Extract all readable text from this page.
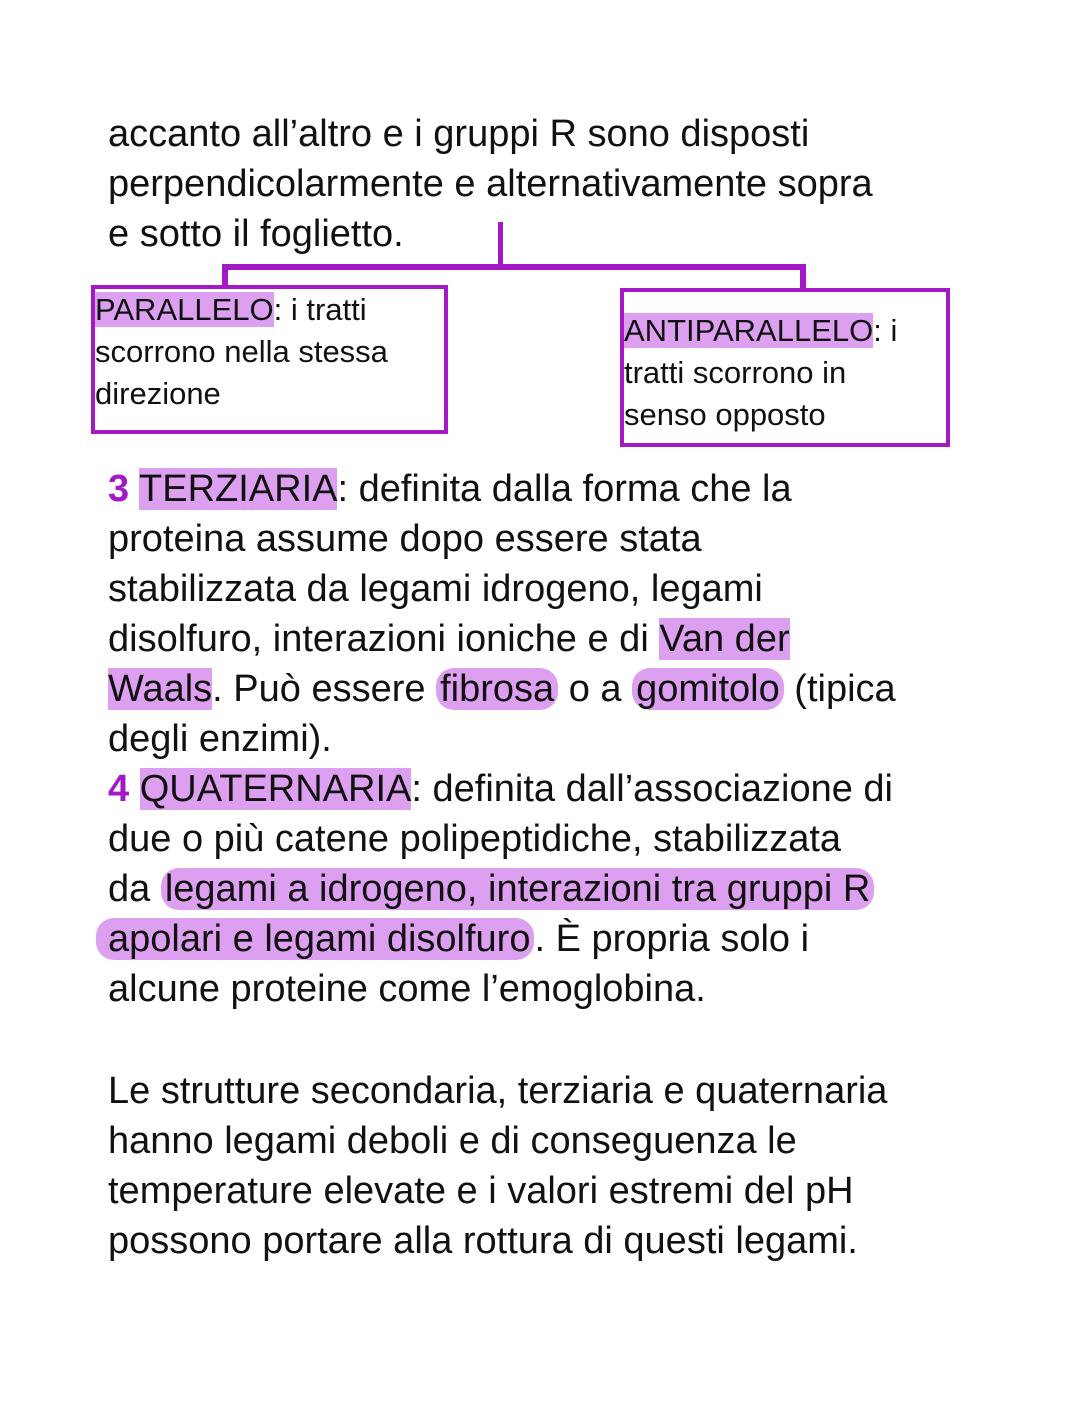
accanto all’altro e i gruppi R sono disposti
perpendicolarmente e alternativamente sopra
e sotto il foglietto.

PARALLELO: i tratti

scorrono nella stessa

direzione

ANTIPARALLELO: i

tratti scorrono in

senso opposto

3 TERZIARIA: definita dalla forma che la
proteina assume dopo essere stata
stabilizzata da legami idrogeno, legami
disolfuro, interazioni ioniche e di Van der
Waals. Può essere fibrosa o a gomitolo (tipica
degli enzimi).
4 QUATERNARIA: definita dall’associazione di
due o più catene polipeptidiche, stabilizzata
da legami a idrogeno, interazioni tra gruppi R
apolari e legami disolfuro . È propria solo i
alcune proteine come l’emoglobina.
Le strutture secondaria, terziaria e quaternaria
hanno legami deboli e di conseguenza le
temperature elevate e i valori estremi del pH
possono portare alla rottura di questi legami.
